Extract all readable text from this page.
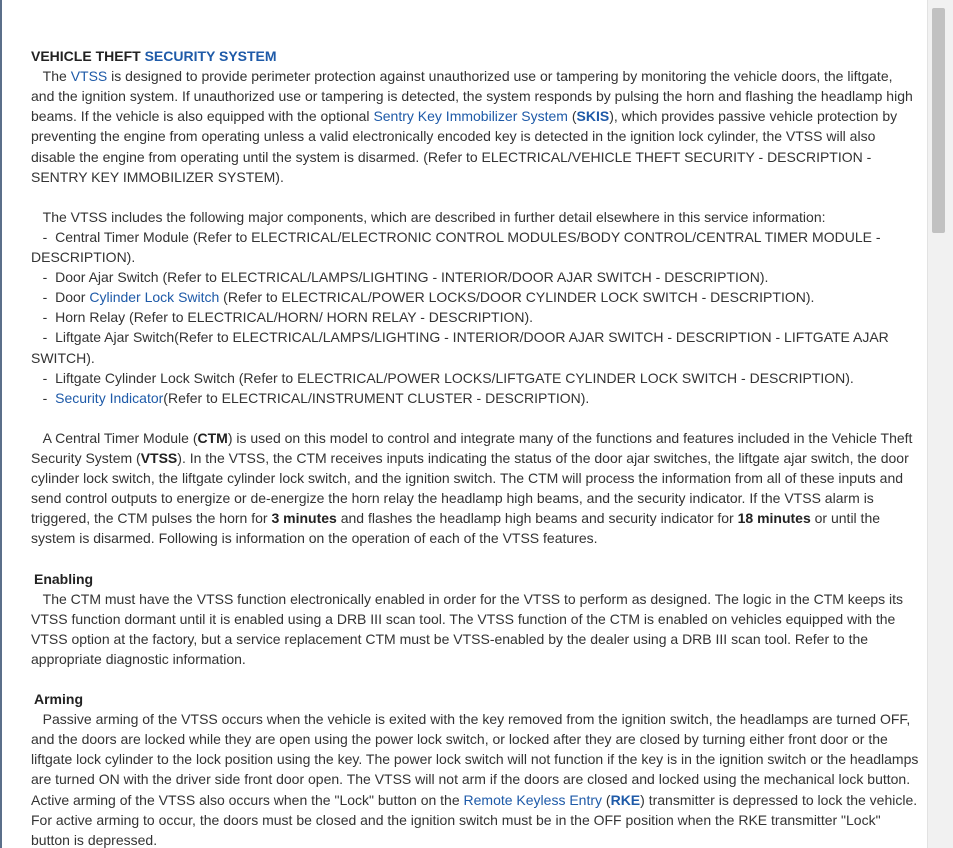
VEHICLE THEFT SECURITY SYSTEM

The VTSS is designed to provide perimeter protection against unauthorized use or tampering by monitoring the vehicle doors, the liftgate, and the ignition system. If unauthorized use or tampering is detected, the system responds by pulsing the horn and flashing the headlamp high beams. If the vehicle is also equipped with the optional Sentry Key Immobilizer System (SKIS), which provides passive vehicle protection by preventing the engine from operating unless a valid electronically encoded key is detected in the ignition lock cylinder, the VTSS will also disable the engine from operating until the system is disarmed. (Refer to ELECTRICAL/VEHICLE THEFT SECURITY - DESCRIPTION - SENTRY KEY IMMOBILIZER SYSTEM).

The VTSS includes the following major components, which are described in further detail elsewhere in this service information:

-  Central Timer Module (Refer to ELECTRICAL/ELECTRONIC CONTROL MODULES/BODY CONTROL/CENTRAL TIMER MODULE - DESCRIPTION).

-  Door Ajar Switch (Refer to ELECTRICAL/LAMPS/LIGHTING - INTERIOR/DOOR AJAR SWITCH - DESCRIPTION).

-  Door Cylinder Lock Switch (Refer to ELECTRICAL/POWER LOCKS/DOOR CYLINDER LOCK SWITCH - DESCRIPTION).

-  Horn Relay (Refer to ELECTRICAL/HORN/ HORN RELAY - DESCRIPTION).

-  Liftgate Ajar Switch(Refer to ELECTRICAL/LAMPS/LIGHTING - INTERIOR/DOOR AJAR SWITCH - DESCRIPTION - LIFTGATE AJAR SWITCH).

-  Liftgate Cylinder Lock Switch (Refer to ELECTRICAL/POWER LOCKS/LIFTGATE CYLINDER LOCK SWITCH - DESCRIPTION).

-  Security Indicator(Refer to ELECTRICAL/INSTRUMENT CLUSTER - DESCRIPTION).

A Central Timer Module (CTM) is used on this model to control and integrate many of the functions and features included in the Vehicle Theft Security System (VTSS). In the VTSS, the CTM receives inputs indicating the status of the door ajar switches, the liftgate ajar switch, the door cylinder lock switch, the liftgate cylinder lock switch, and the ignition switch. The CTM will process the information from all of these inputs and send control outputs to energize or de-energize the horn relay the headlamp high beams, and the security indicator. If the VTSS alarm is triggered, the CTM pulses the horn for 3 minutes and flashes the headlamp high beams and security indicator for 18 minutes or until the system is disarmed. Following is information on the operation of each of the VTSS features.

Enabling

The CTM must have the VTSS function electronically enabled in order for the VTSS to perform as designed. The logic in the CTM keeps its VTSS function dormant until it is enabled using a DRB III scan tool. The VTSS function of the CTM is enabled on vehicles equipped with the VTSS option at the factory, but a service replacement CTM must be VTSS-enabled by the dealer using a DRB III scan tool. Refer to the appropriate diagnostic information.

Arming

Passive arming of the VTSS occurs when the vehicle is exited with the key removed from the ignition switch, the headlamps are turned OFF, and the doors are locked while they are open using the power lock switch, or locked after they are closed by turning either front door or the liftgate lock cylinder to the lock position using the key. The power lock switch will not function if the key is in the ignition switch or the headlamps are turned ON with the driver side front door open. The VTSS will not arm if the doors are closed and locked using the mechanical lock button. Active arming of the VTSS also occurs when the "Lock" button on the Remote Keyless Entry (RKE) transmitter is depressed to lock the vehicle. For active arming to occur, the doors must be closed and the ignition switch must be in the OFF position when the RKE transmitter "Lock" button is depressed.
